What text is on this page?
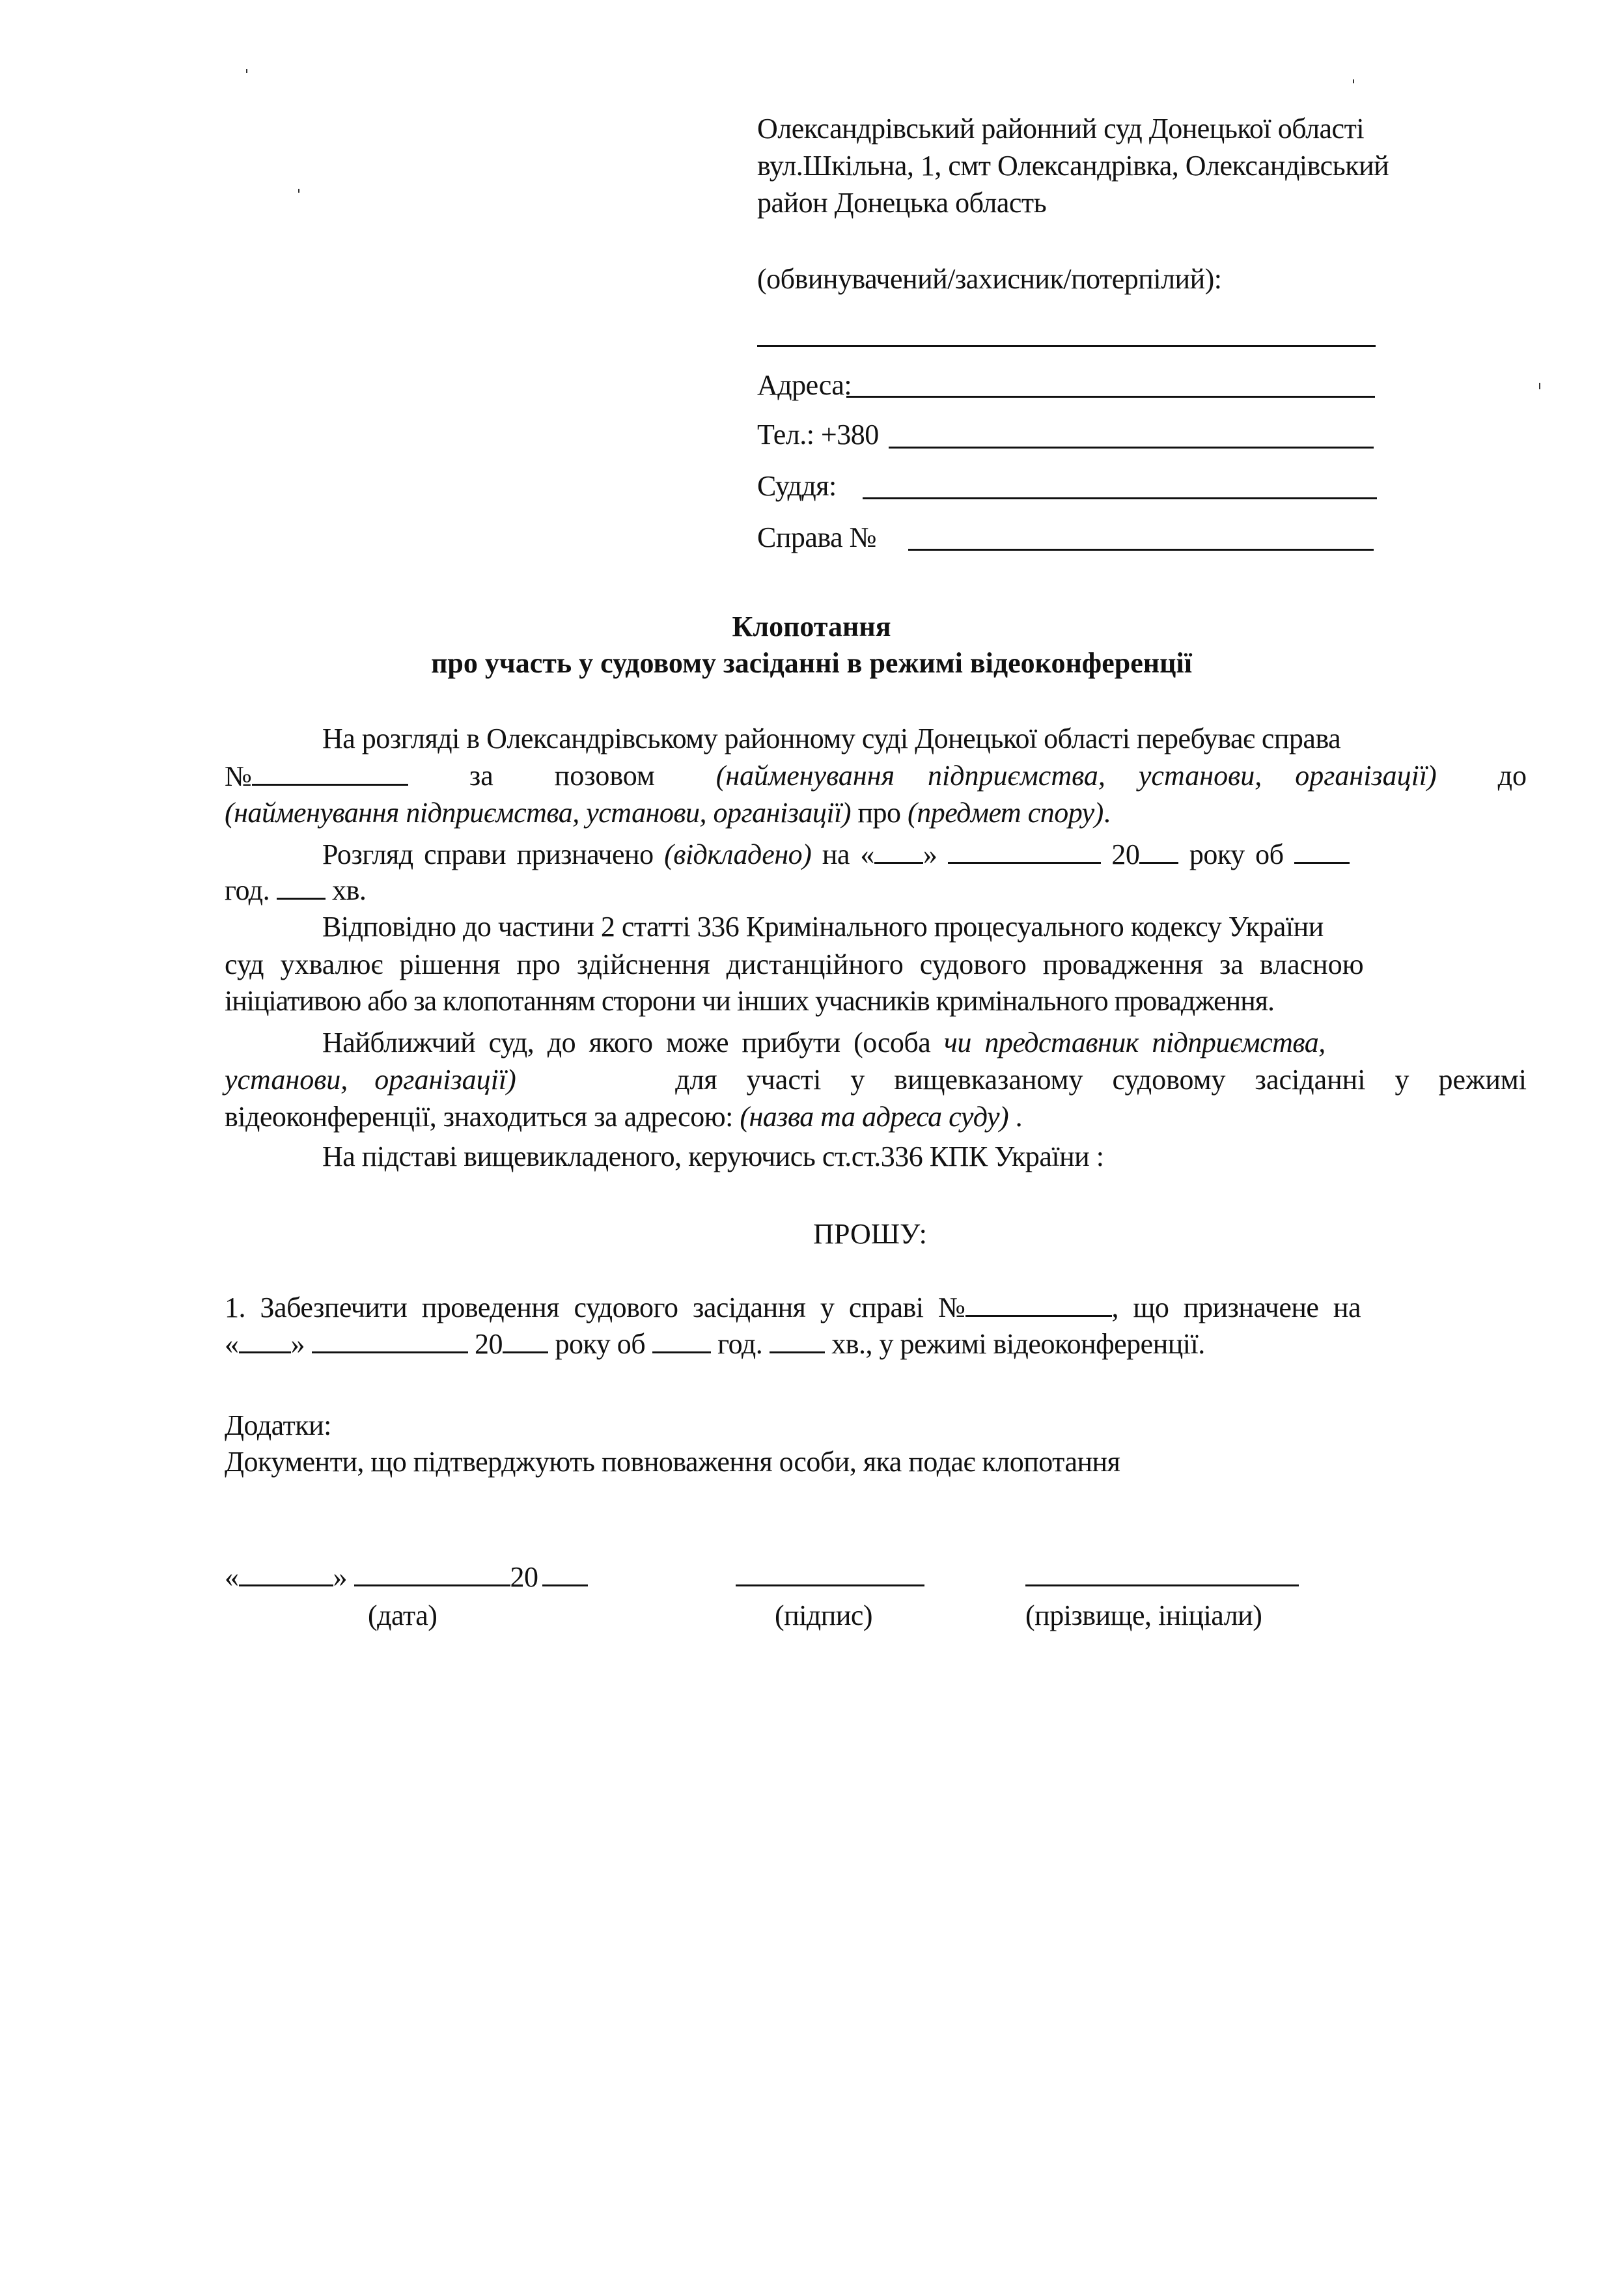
Олександрівський районний суд Донецької області
вул.Шкільна, 1, смт Олександрівка, Олександівський
район Донецька область
(обвинувачений/захисник/потерпілий):
Адреса:
Тел.: +380
Суддя:
Справа №
Клопотання
про участь у судовому засіданні в режимі відеоконференції
На розгляді в Олександрівському районному суді Донецької області перебуває справа
№	за позовом (найменування підприємства, установи, організації) до
(найменування підприємства, установи, організації) про (предмет спору).
Розгляд справи призначено (відкладено) на « »	20 року об
год. хв.
Відповідно до частини 2 статті 336 Кримінального процесуального кодексу України
суд ухвалює рішення про здійснення дистанційного судового провадження за власною
ініціативою або за клопотанням сторони чи інших учасників кримінального провадження.
Найближчий суд, до якого може прибути (особа чи представник підприємства,
установи, організації)	для участі у вищевказаному судовому засіданні у режимі
відеоконференції, знаходиться за адресою: (назва та адреса суду) .
На підставі вищевикладеного, керуючись ст.ст.336 КПК України :
ПРОШУ:
1. Забезпечити проведення судового засідання у справі №	, що призначене на
« »	20 року об  год.  хв., у режимі відеоконференції.
Додатки:
Документи, що підтверджують повноваження особи, яка подає клопотання
«	»	20
(дата)	(підпис)	(прізвище, ініціали)
